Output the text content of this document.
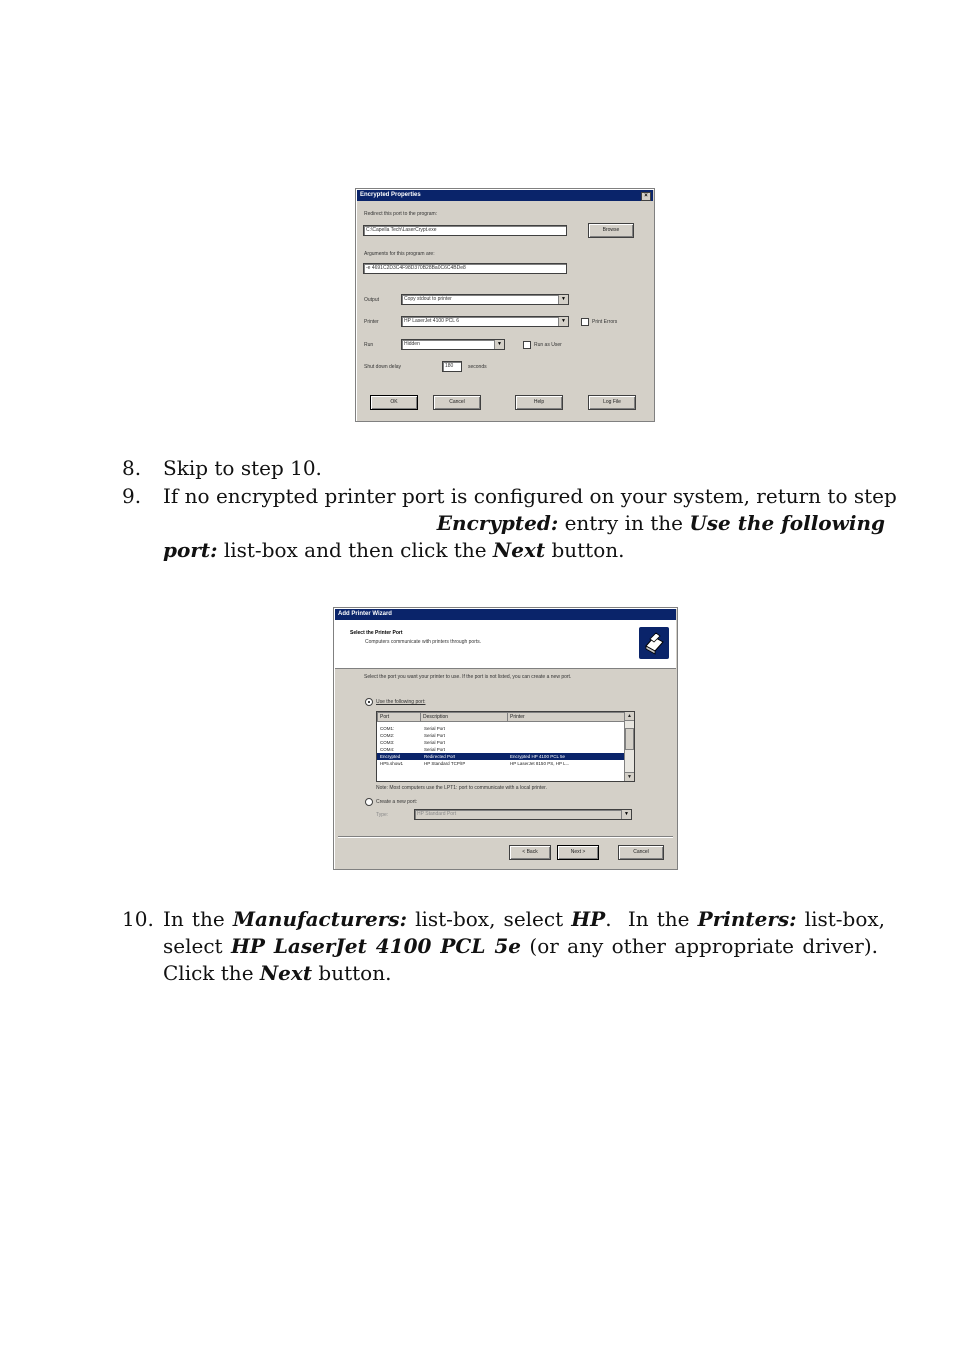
Encrypted Properties	×
Redirect this port to the program:
C:\Capella Tech\LaserCrypt.exe	Browse
Arguments for this program are:
-e 4691C2D3C4F98D370B28Ba0C6C4BDe8
Output	Copy stdout to printer	▼
Printer	HP LaserJet 4100 PCL 6	▼	Print Errors
Run	Hidden	▼	Run as User
Shut down delay	180	seconds
OK	Cancel	Help	Log File
8. Skip to step 10.
9. If no encrypted printer port is configured on your system, return to step
Encrypted: entry in the Use the following
port: list-box and then click the Next button.
Add Printer Wizard
Select the Printer Port
Computers communicate with printers through ports.
Select the port you want your printer to use. If the port is not listed, you can create a new port.
Use the following port:
Port	Description	Printer
COM1:	Serial Port
COM2:	Serial Port
COM3:	Serial Port
COM4:	Serial Port
Encrypted	Redirected Port	Encrypted HP 4100 PCL 5e
HP5.show1	HP Standard TCP/IP	HP LaserJet 8150 PS, HP L...
▲
▼
Note: Most computers use the LPT1: port to communicate with a local printer.
Create a new port:
Type:	HP Standard Port	▼
< Back	Next >	Cancel
10. In the Manufacturers: list-box, select HP.  In the Printers: list-box,
select HP LaserJet 4100 PCL 5e (or any other appropriate driver).
Click the Next button.
